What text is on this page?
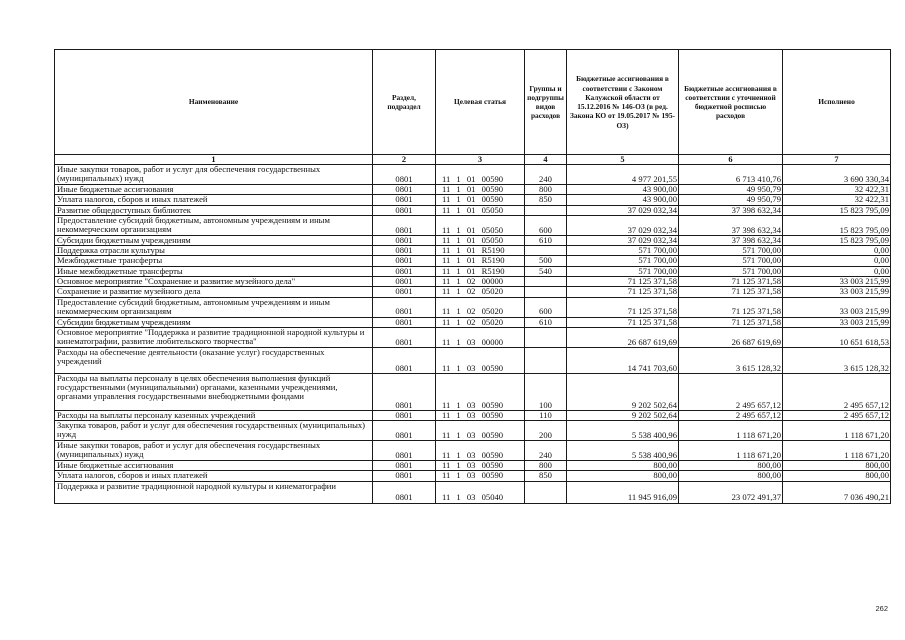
Наименование	Раздел, подраздел	Целевая статья	Группы и подгруппы видов расходов	Бюджетные ассигнования в соответствии с Законом Калужской области от 15.12.2016 № 146-ОЗ (в ред. Закона КО от 19.05.2017 № 195-ОЗ)	Бюджетные ассигнования в соответствии с уточненной бюджетной росписью расходов	Исполнено
1	2	3	4	5	6	7
Иные закупки товаров, работ и услуг для обеспечения государственных (муниципальных) нужд	0801	11 1 01 00590	240	4 977 201,55	6 713 410,76	3 690 330,34
Иные бюджетные ассигнования	0801	11 1 01 00590	800	43 900,00	49 950,79	32 422,31
Уплата налогов, сборов и иных платежей	0801	11 1 01 00590	850	43 900,00	49 950,79	32 422,31
Развитие общедоступных библиотек	0801	11 1 01 05050		37 029 032,34	37 398 632,34	15 823 795,09
Предоставление субсидий бюджетным, автономным учреждениям и иным некоммерческим организациям	0801	11 1 01 05050	600	37 029 032,34	37 398 632,34	15 823 795,09
Субсидии бюджетным учреждениям	0801	11 1 01 05050	610	37 029 032,34	37 398 632,34	15 823 795,09
Поддержка отрасли культуры	0801	11 1 01 R5190		571 700,00	571 700,00	0,00
Межбюджетные трансферты	0801	11 1 01 R5190	500	571 700,00	571 700,00	0,00
Иные межбюджетные трансферты	0801	11 1 01 R5190	540	571 700,00	571 700,00	0,00
Основное мероприятие "Сохранение и развитие музейного дела"	0801	11 1 02 00000		71 125 371,58	71 125 371,58	33 003 215,99
Сохранение и развитие музейного дела	0801	11 1 02 05020		71 125 371,58	71 125 371,58	33 003 215,99
Предоставление субсидий бюджетным, автономным учреждениям и иным некоммерческим организациям	0801	11 1 02 05020	600	71 125 371,58	71 125 371,58	33 003 215,99
Субсидии бюджетным учреждениям	0801	11 1 02 05020	610	71 125 371,58	71 125 371,58	33 003 215,99
Основное мероприятие "Поддержка и развитие традиционной народной культуры и кинематографии, развитие любительского творчества"	0801	11 1 03 00000		26 687 619,69	26 687 619,69	10 651 618,53
Расходы на обеспечение деятельности (оказание услуг) государственных учреждений	0801	11 1 03 00590		14 741 703,60	3 615 128,32	3 615 128,32
Расходы на выплаты персоналу в целях обеспечения выполнения функций государственными (муниципальными) органами, казенными учреждениями, органами управления государственными внебюджетными фондами	0801	11 1 03 00590	100	9 202 502,64	2 495 657,12	2 495 657,12
Расходы на выплаты персоналу казенных учреждений	0801	11 1 03 00590	110	9 202 502,64	2 495 657,12	2 495 657,12
Закупка товаров, работ и услуг для обеспечения государственных (муниципальных) нужд	0801	11 1 03 00590	200	5 538 400,96	1 118 671,20	1 118 671,20
Иные закупки товаров, работ и услуг для обеспечения государственных (муниципальных) нужд	0801	11 1 03 00590	240	5 538 400,96	1 118 671,20	1 118 671,20
Иные бюджетные ассигнования	0801	11 1 03 00590	800	800,00	800,00	800,00
Уплата налогов, сборов и иных платежей	0801	11 1 03 00590	850	800,00	800,00	800,00
Поддержка и развитие традиционной народной культуры и кинематографии	0801	11 1 03 05040		11 945 916,09	23 072 491,37	7 036 490,21
262
